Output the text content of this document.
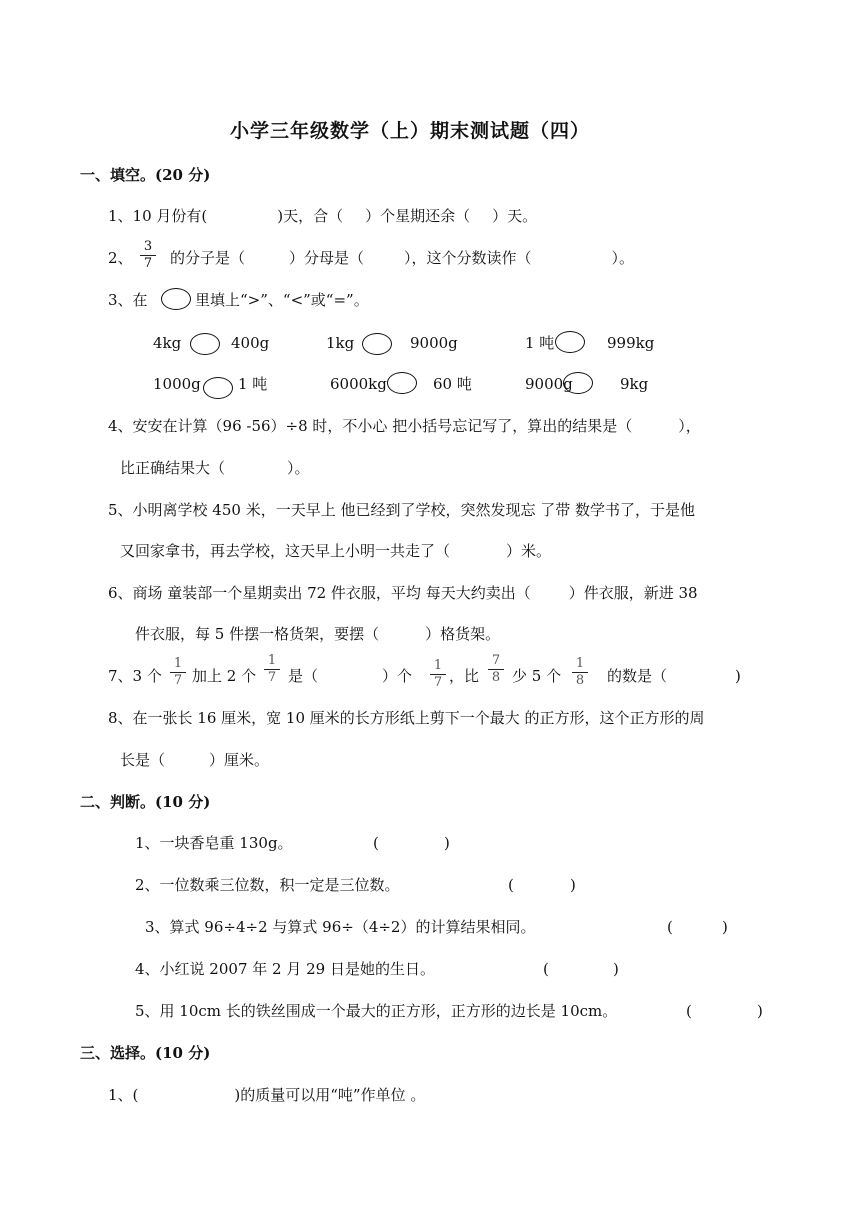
小学三年级数学（上）期末测试题（四）
一、填空。(20 分)
1、10 月份有(	)天，合（ ）个星期还余（ ）天。
2、
3
7 的分子是（	）分母是（	），这个分数读作（	）。
3、在	里填上“>”、“<”或“=”。
4kg	400g	1kg	9000g	1 吨	999kg
1000g 1 吨	6000kg	60 吨	9000g	9kg
4、安安在计算（96 -56）÷8 时，不小心 把小括号忘记写了，算出的结果是（	），
比正确结果大（	）。
5、小明离学校 450 米，一天早上 他已经到了学校，突然发现忘 了带 数学书了，于是他
又回家拿书，再去学校，这天早上小明一共走了（	）米。
6、商场 童装部一个星期卖出 72 件衣服，平均 每天大约卖出（	）件衣服，新进 38
件衣服，每 5 件摆一格货架，要摆（	）格货架。
7、3 个
1
7 加上 2 个
1
7 是（	）个
1
7 ，比
7
8 少 5 个
1
8 的数是（	)
8、在一张长 16 厘米，宽 10 厘米的长方形纸上剪下一个最大 的正方形，这个正方形的周
长是（	）厘米。
二、判断。(10 分)
1、一块香皂重 130g。	(	)
2、一位数乘三位数，积一定是三位数。	(	)
3、算式 96÷4÷2 与算式 96÷（4÷2）的计算结果相同。	(	)
4、小红说 2007 年 2 月 29 日是她的生日。	(	)
5、用 10cm 长的铁丝围成一个最大的正方形，正方形的边长是 10cm。	(	)
三、选择。(10 分)
1、(	)的质量可以用“吨”作单位 。
